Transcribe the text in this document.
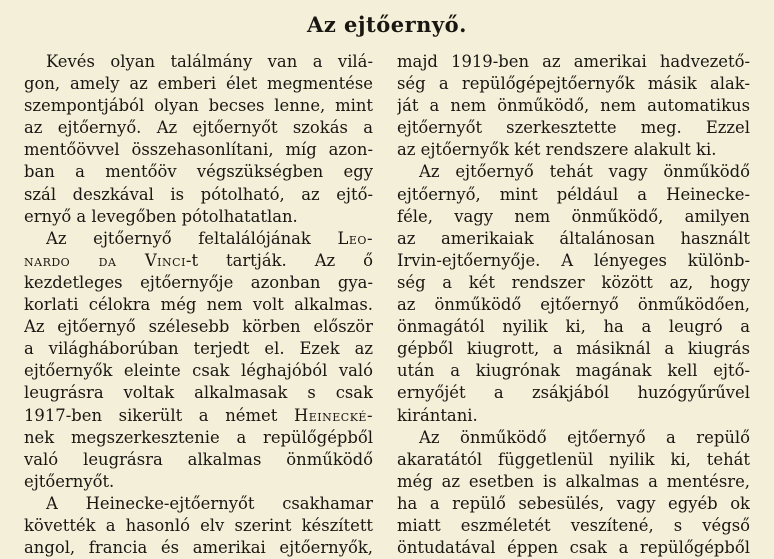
Az ejtőernyő.
Kevés olyan találmány van a vilá-
gon, amely az emberi élet megmentése
szempontjából olyan becses lenne, mint
az ejtőernyő. Az ejtőernyőt szokás a
mentőövvel összehasonlítani, míg azon-
ban a mentőöv végszükségben egy
szál deszkával is pótolható, az ejtő-
ernyő a levegőben pótolhatatlan.
Az ejtőernyő feltalálójának Leo-
nardo da Vinci-t tartják. Az ő
kezdetleges ejtőernyője azonban gya-
korlati célokra még nem volt alkalmas.
Az ejtőernyő szélesebb körben először
a világháborúban terjedt el. Ezek az
ejtőernyők eleinte csak léghajóból való
leugrásra voltak alkalmasak s csak
1917-ben sikerült a német Heinecké-
nek megszerkesztenie a repülőgépből
való leugrásra alkalmas önműködő
ejtőernyőt.
A Heinecke-ejtőernyőt csakhamar
követték a hasonló elv szerint készített
angol, francia és amerikai ejtőernyők,
majd 1919-ben az amerikai hadvezető-
ség a repülőgépejtőernyők másik alak-
ját a nem önműködő, nem automatikus
ejtőernyőt szerkesztette meg. Ezzel
az ejtőernyők két rendszere alakult ki.
Az ejtőernyő tehát vagy önműködő
ejtőernyő, mint például a Heinecke-
féle, vagy nem önműködő, amilyen
az amerikaiak általánosan használt
Irvin-ejtőernyője. A lényeges különb-
ség a két rendszer között az, hogy
az önműködő ejtőernyő önműködően,
önmagától nyilik ki, ha a leugró a
gépből kiugrott, a másiknál a kiugrás
után a kiugrónak magának kell ejtő-
ernyőjét a zsákjából huzógyűrűvel
kirántani.
Az önműködő ejtőernyő a repülő
akaratától függetlenül nyilik ki, tehát
még az esetben is alkalmas a mentésre,
ha a repülő sebesülés, vagy egyéb ok
miatt eszméletét veszítené, s végső
öntudatával éppen csak a repülőgépből
